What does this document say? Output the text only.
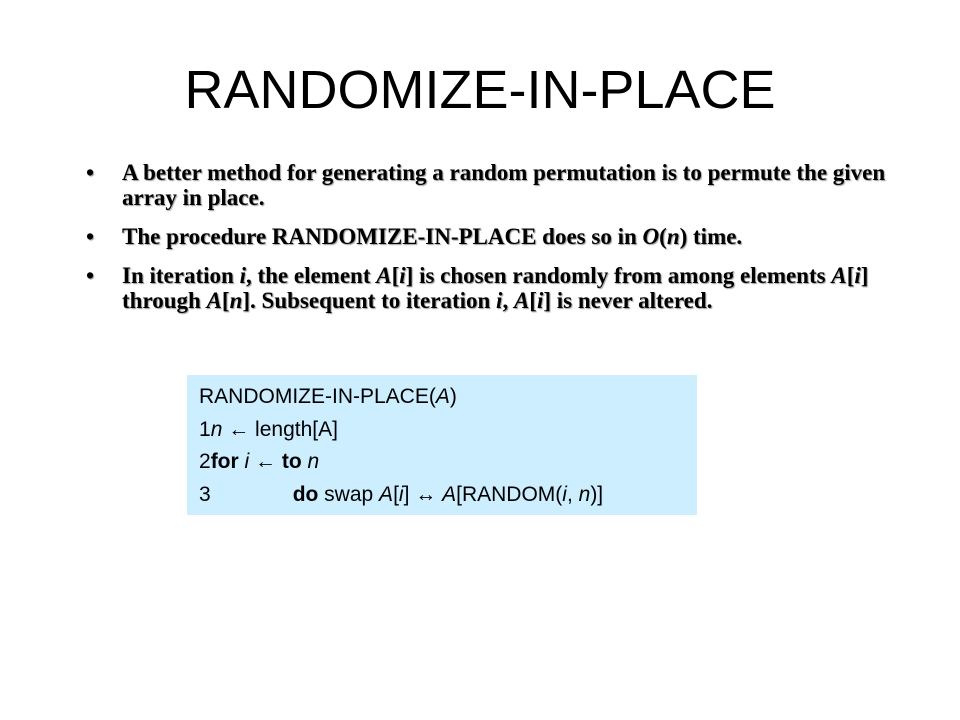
RANDOMIZE-IN-PLACE
• A better method for generating a random permutation is to permute the given array in place.
• The procedure RANDOMIZE-IN-PLACE does so in O(n) time.
• In iteration i, the element A[i] is chosen randomly from among elements A[i] through A[n]. Subsequent to iteration i, A[i] is never altered.
RANDOMIZE-IN-PLACE(A)
1n ← length[A]
2for i ← to n
3	do swap A[i] ↔ A[RANDOM(i, n)]
